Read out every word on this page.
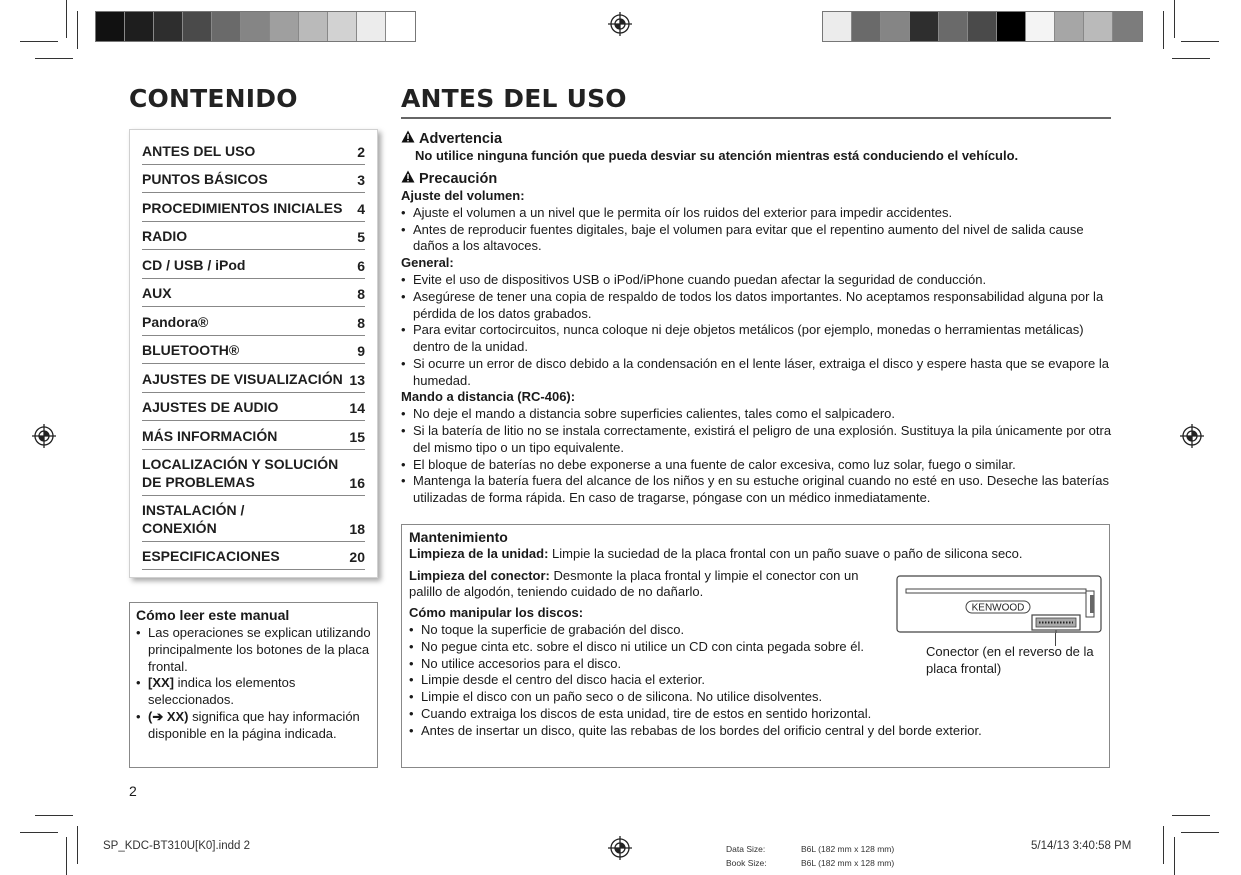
CONTENIDO	ANTES DEL USO
ANTES DEL USO	2
PUNTOS BÁSICOS	3
PROCEDIMIENTOS INICIALES 4
RADIO	5
CD / USB / iPod	6
AUX	8
Pandora®	8
BLUETOOTH®	9
AJUSTES DE VISUALIZACIÓN 13
AJUSTES DE AUDIO	14
MÁS INFORMACIÓN	15
LOCALIZACIÓN Y SOLUCIÓN
DE PROBLEMAS	16
INSTALACIÓN /
CONEXIÓN	18
ESPECIFICACIONES	20
Cómo leer este manual
• Las operaciones se explican utilizando principalmente los botones de la placa frontal.
• [XX] indica los elementos seleccionados.
• (➔ XX) significa que hay información disponible en la página indicada.
Advertencia
No utilice ninguna función que pueda desviar su atención mientras está conduciendo el vehículo.
Precaución
Ajuste del volumen:
• Ajuste el volumen a un nivel que le permita oír los ruidos del exterior para impedir accidentes.
• Antes de reproducir fuentes digitales, baje el volumen para evitar que el repentino aumento del nivel de salida cause daños a los altavoces.
General:
• Evite el uso de dispositivos USB o iPod/iPhone cuando puedan afectar la seguridad de conducción.
• Asegúrese de tener una copia de respaldo de todos los datos importantes. No aceptamos responsabilidad alguna por la pérdida de los datos grabados.
• Para evitar cortocircuitos, nunca coloque ni deje objetos metálicos (por ejemplo, monedas o herramientas metálicas) dentro de la unidad.
• Si ocurre un error de disco debido a la condensación en el lente láser, extraiga el disco y espere hasta que se evapore la humedad.
Mando a distancia (RC-406):
• No deje el mando a distancia sobre superficies calientes, tales como el salpicadero.
• Si la batería de litio no se instala correctamente, existirá el peligro de una explosión. Sustituya la pila únicamente por otra del mismo tipo o un tipo equivalente.
• El bloque de baterías no debe exponerse a una fuente de calor excesiva, como luz solar, fuego o similar.
• Mantenga la batería fuera del alcance de los niños y en su estuche original cuando no esté en uso. Deseche las baterías utilizadas de forma rápida. En caso de tragarse, póngase con un médico inmediatamente.
Mantenimiento
Limpieza de la unidad: Limpie la suciedad de la placa frontal con un paño suave o paño de silicona seco.
Limpieza del conector: Desmonte la placa frontal y limpie el conector con un palillo de algodón, teniendo cuidado de no dañarlo.
Cómo manipular los discos:
• No toque la superficie de grabación del disco.
• No pegue cinta etc. sobre el disco ni utilice un CD con cinta pegada sobre él.
• No utilice accesorios para el disco.
• Limpie desde el centro del disco hacia el exterior.
• Limpie el disco con un paño seco o de silicona. No utilice disolventes.
• Cuando extraiga los discos de esta unidad, tire de estos en sentido horizontal.
• Antes de insertar un disco, quite las rebabas de los bordes del orificio central y del borde exterior.
KENWOOD
Conector (en el reverso de la placa frontal)
2
SP_KDC-BT310U[K0].indd 2	Data Size:	B6L (182 mm x 128 mm)
Book Size:	B6L (182 mm x 128 mm)
5/14/13 3:40:58 PM
